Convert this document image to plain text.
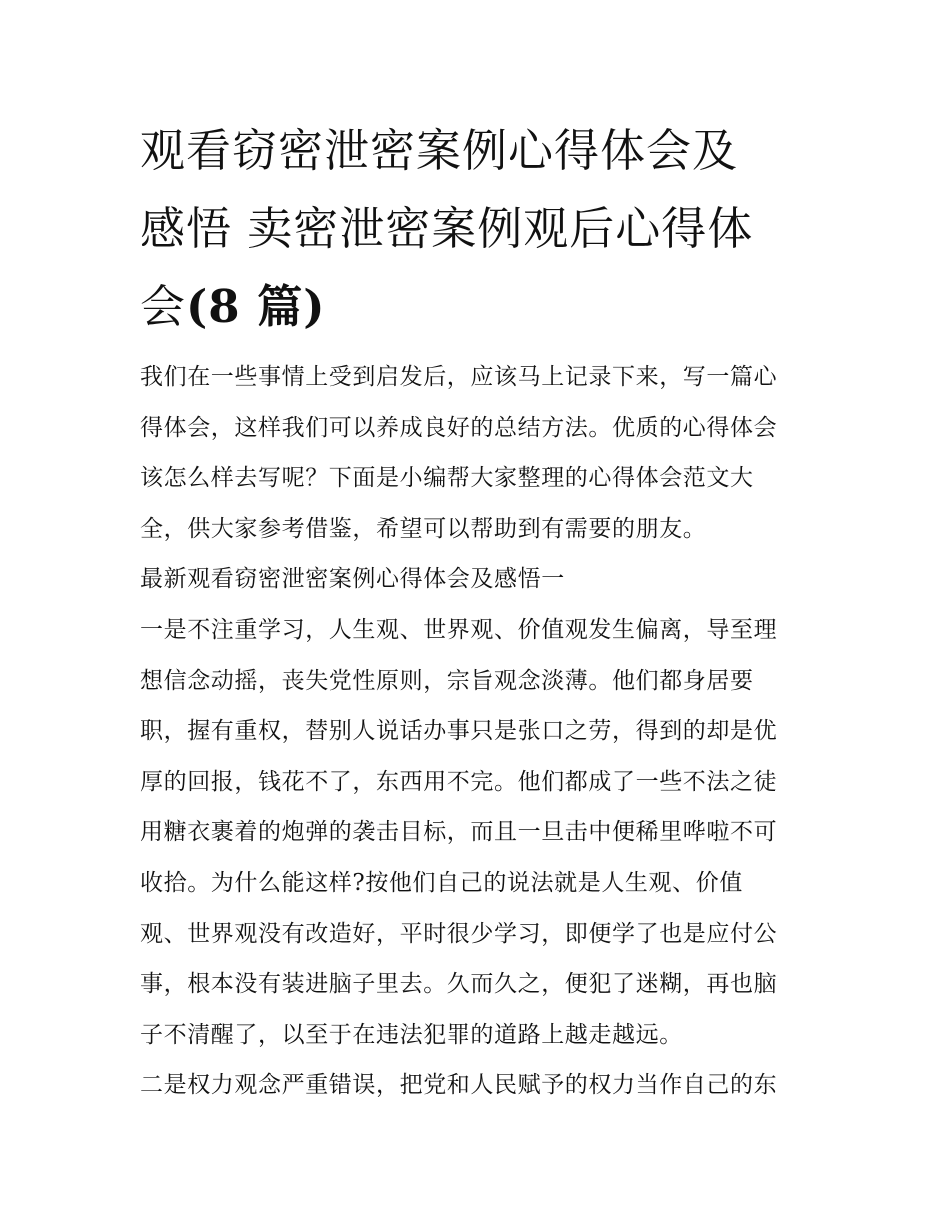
观看窃密泄密案例心得体会及
感悟 卖密泄密案例观后心得体
会(8 篇)
我们在一些事情上受到启发后，应该马上记录下来，写一篇心
得体会，这样我们可以养成良好的总结方法。优质的心得体会
该怎么样去写呢？下面是小编帮大家整理的心得体会范文大
全，供大家参考借鉴，希望可以帮助到有需要的朋友。
最新观看窃密泄密案例心得体会及感悟一
一是不注重学习，人生观、世界观、价值观发生偏离，导至理
想信念动摇，丧失党性原则，宗旨观念淡薄。他们都身居要
职，握有重权，替别人说话办事只是张口之劳，得到的却是优
厚的回报，钱花不了，东西用不完。他们都成了一些不法之徒
用糖衣裹着的炮弹的袭击目标，而且一旦击中便稀里哗啦不可
收拾。为什么能这样?按他们自己的说法就是人生观、价值
观、世界观没有改造好，平时很少学习，即便学了也是应付公
事，根本没有装进脑子里去。久而久之，便犯了迷糊，再也脑
子不清醒了，以至于在违法犯罪的道路上越走越远。
二是权力观念严重错误，把党和人民赋予的权力当作自己的东
